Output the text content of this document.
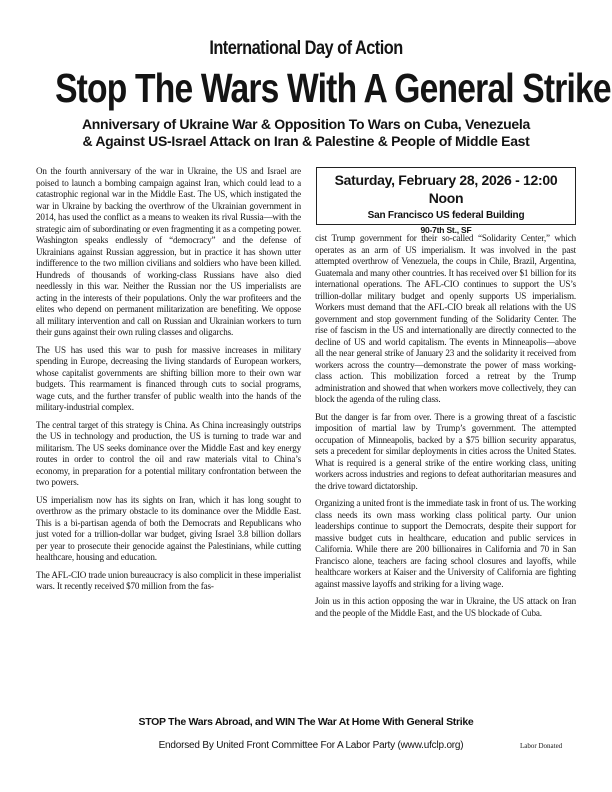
International Day of Action
Stop The Wars With A General Strike
Anniversary of Ukraine War & Opposition To Wars on Cuba, Venezuela
& Against US-Israel Attack on Iran & Palestine & People of Middle East

On the fourth anniversary of the war in Ukraine, the US and Israel are poised to launch a bombing campaign against Iran, which could lead to a catastrophic regional war in the Middle East. The US, which instigated the war in Ukraine by backing the overthrow of the Ukrainian government in 2014, has used the conflict as a means to weaken its rival Russia—with the strategic aim of subordinating or even fragmenting it as a competing power. Washington speaks endlessly of “democracy” and the defense of Ukrainians against Russian aggression, but in practice it has shown utter indifference to the two million civilians and soldiers who have been killed. Hundreds of thousands of working-class Russians have also died needlessly in this war. Neither the Russian nor the US imperialists are acting in the interests of their populations. Only the war profiteers and the elites who depend on permanent militarization are benefiting. We oppose all military intervention and call on Russian and Ukrainian workers to turn their guns against their own ruling classes and oligarchs.

The US has used this war to push for massive increases in military spending in Europe, decreasing the living standards of European workers, whose capitalist governments are shifting billion more to their own war budgets. This rearmament is financed through cuts to social programs, wage cuts, and the further transfer of public wealth into the hands of the military-industrial complex.

The central target of this strategy is China. As China increasingly outstrips the US in technology and production, the US is turning to trade war and militarism. The US seeks dominance over the Middle East and key energy routes in order to control the oil and raw materials vital to China’s economy, in preparation for a potential military confrontation between the two powers.

US imperialism now has its sights on Iran, which it has long sought to overthrow as the primary obstacle to its dominance over the Middle East. This is a bi-partisan agenda of both the Democrats and Republicans who just voted for a trillion-dollar war budget, giving Israel 3.8 billion dollars per year to prosecute their genocide against the Palestinians, while cutting healthcare, housing and education.

The AFL-CIO trade union bureaucracy is also complicit in these imperialist wars. It recently received $70 million from the fas-

Saturday, February 28, 2026 - 12:00 Noon
San Francisco US federal Building
90-7th St., SF

cist Trump government for their so-called “Solidarity Center,” which operates as an arm of US imperialism. It was involved in the past attempted overthrow of Venezuela, the coups in Chile, Brazil, Argentina, Guatemala and many other countries. It has received over $1 billion for its international operations. The AFL-CIO continues to support the US’s trillion-dollar military budget and openly supports US imperialism. Workers must demand that the AFL-CIO break all relations with the US government and stop government funding of the Solidarity Center. The rise of fascism in the US and internationally are directly connected to the decline of US and world capitalism. The events in Minneapolis—above all the near general strike of January 23 and the solidarity it received from workers across the country—demonstrate the power of mass working-class action. This mobilization forced a retreat by the Trump administration and showed that when workers move collectively, they can block the agenda of the ruling class.

But the danger is far from over. There is a growing threat of a fascistic imposition of martial law by Trump’s government. The attempted occupation of Minneapolis, backed by a $75 billion security apparatus, sets a precedent for similar deployments in cities across the United States. What is required is a general strike of the entire working class, uniting workers across industries and regions to defeat authoritarian measures and the drive toward dictatorship.

Organizing a united front is the immediate task in front of us. The working class needs its own mass working class political party. Our union leaderships continue to support the Democrats, despite their support for massive budget cuts in healthcare, education and public services in California. While there are 200 billionaires in California and 70 in San Francisco alone, teachers are facing school closures and layoffs, while healthcare workers at Kaiser and the University of California are fighting against massive layoffs and striking for a living wage.

Join us in this action opposing the war in Ukraine, the US attack on Iran and the people of the Middle East, and the US blockade of Cuba.

STOP The Wars Abroad, and WIN The War At Home With General Strike
Endorsed By United Front Committee For A Labor Party (www.ufclp.org)	Labor Donated
